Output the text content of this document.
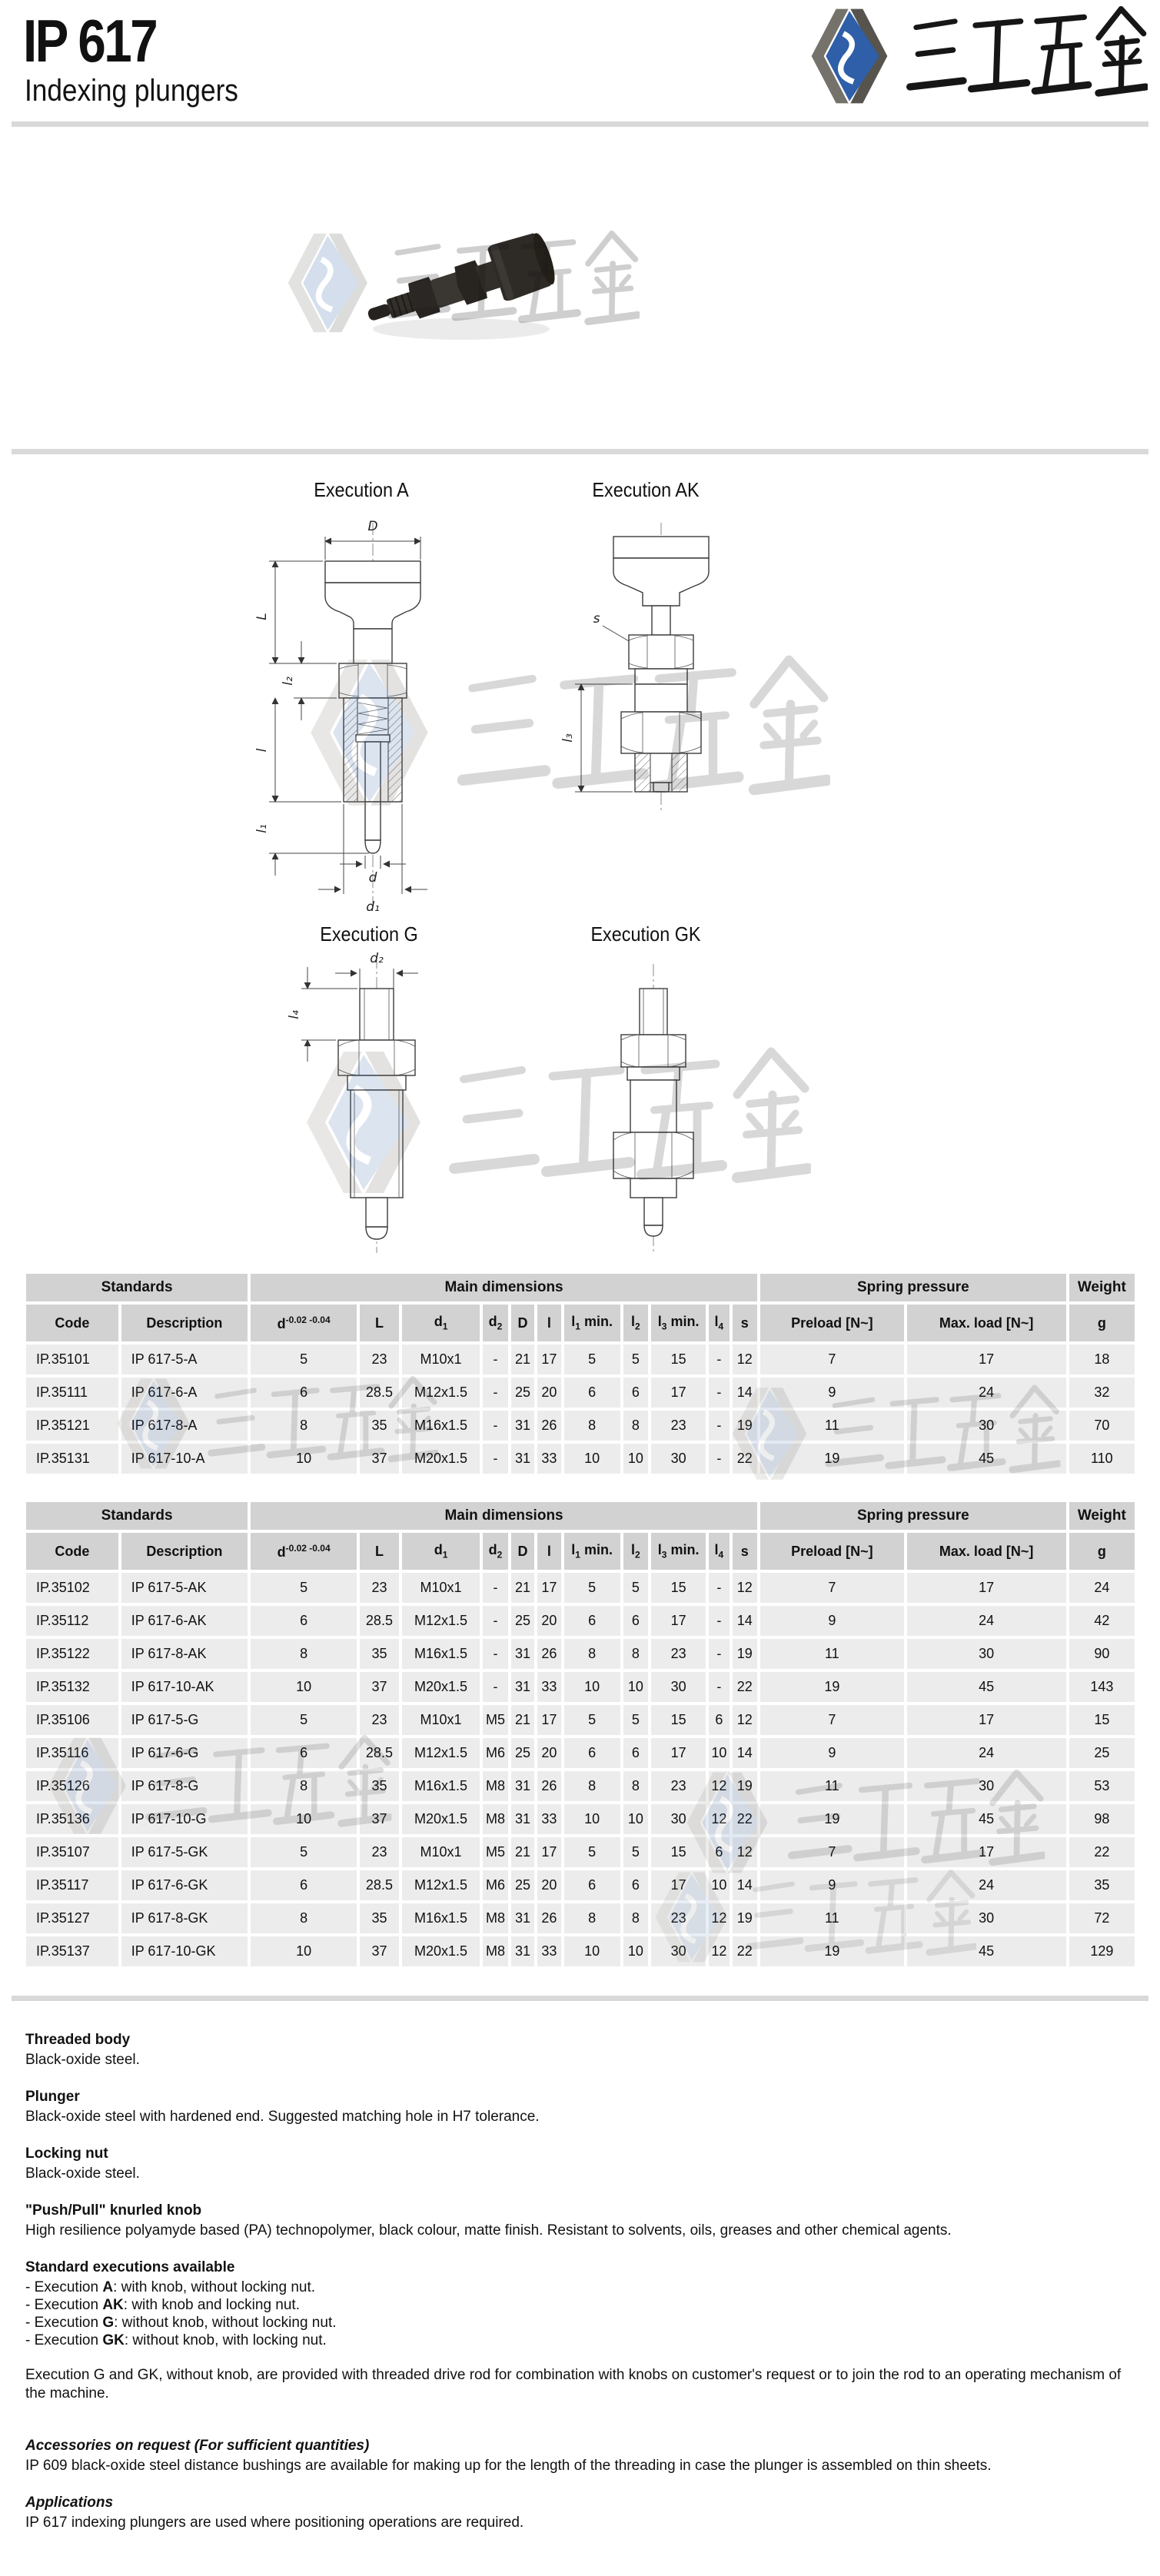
IP 617
Indexing plungers
Execution A	Execution AK
D
L
l₂
l
l₁
d
d₁
s
l₃
Execution G	Execution GK
d₂
l₄
Standards		Main dimensions											Spring pressure		Weight
Code	Description	$d^{-0.02 -0.04}$	L	$d_1$	$d_2$	D	l	$l_1$ min.	$l_2$	$l_3$ min.	$l_4$	s	Preload [N~]	Max. load [N~]	g
IP.35101	IP 617-5-A	5	23	M10x1	-	21	17	5	5	15	-	12	7	17	18
IP.35111	IP 617-6-A	6	28.5	M12x1.5	-	25	20	6	6	17	-	14	9	24	32
IP.35121	IP 617-8-A	8	35	M16x1.5	-	31	26	8	8	23	-	19	11	30	70
IP.35131	IP 617-10-A	10	37	M20x1.5	-	31	33	10	10	30	-	22	19	45	110
Standards		Main dimensions											Spring pressure		Weight
Code	Description	$d^{-0.02 -0.04}$	L	$d_1$	$d_2$	D	l	$l_1$ min.	$l_2$	$l_3$ min.	$l_4$	s	Preload [N~]	Max. load [N~]	g
IP.35102	IP 617-5-AK	5	23	M10x1	-	21	17	5	5	15	-	12	7	17	24
IP.35112	IP 617-6-AK	6	28.5	M12x1.5	-	25	20	6	6	17	-	14	9	24	42
IP.35122	IP 617-8-AK	8	35	M16x1.5	-	31	26	8	8	23	-	19	11	30	90
IP.35132	IP 617-10-AK	10	37	M20x1.5	-	31	33	10	10	30	-	22	19	45	143
IP.35106	IP 617-5-G	5	23	M10x1	M5	21	17	5	5	15	6	12	7	17	15
IP.35116	IP 617-6-G	6	28.5	M12x1.5	M6	25	20	6	6	17	10	14	9	24	25
IP.35126	IP 617-8-G	8	35	M16x1.5	M8	31	26	8	8	23	12	19	11	30	53
IP.35136	IP 617-10-G	10	37	M20x1.5	M8	31	33	10	10	30	12	22	19	45	98
IP.35107	IP 617-5-GK	5	23	M10x1	M5	21	17	5	5	15	6	12	7	17	22
IP.35117	IP 617-6-GK	6	28.5	M12x1.5	M6	25	20	6	6	17	10	14	9	24	35
IP.35127	IP 617-8-GK	8	35	M16x1.5	M8	31	26	8	8	23	12	19	11	30	72
IP.35137	IP 617-10-GK	10	37	M20x1.5	M8	31	33	10	10	30	12	22	19	45	129
Threaded body

Black-oxide steel.

Plunger

Black-oxide steel with hardened end. Suggested matching hole in H7 tolerance.

Locking nut

Black-oxide steel.

"Push/Pull" knurled knob

High resilience polyamyde based (PA) technopolymer, black colour, matte finish. Resistant to solvents, oils, greases and other chemical agents.

Standard executions available
- Execution A: with knob, without locking nut.
- Execution AK: with knob and locking nut.
- Execution G: without knob, without locking nut.
- Execution GK: without knob, with locking nut.

Execution G and GK, without knob, are provided with threaded drive rod for combination with knobs on customer's request or to join the rod to an operating mechanism of the machine.

Accessories on request (For sufficient quantities)

IP 609 black-oxide steel distance bushings are available for making up for the length of the threading in case the plunger is assembled on thin sheets.

Applications

IP 617 indexing plungers are used where positioning operations are required.
